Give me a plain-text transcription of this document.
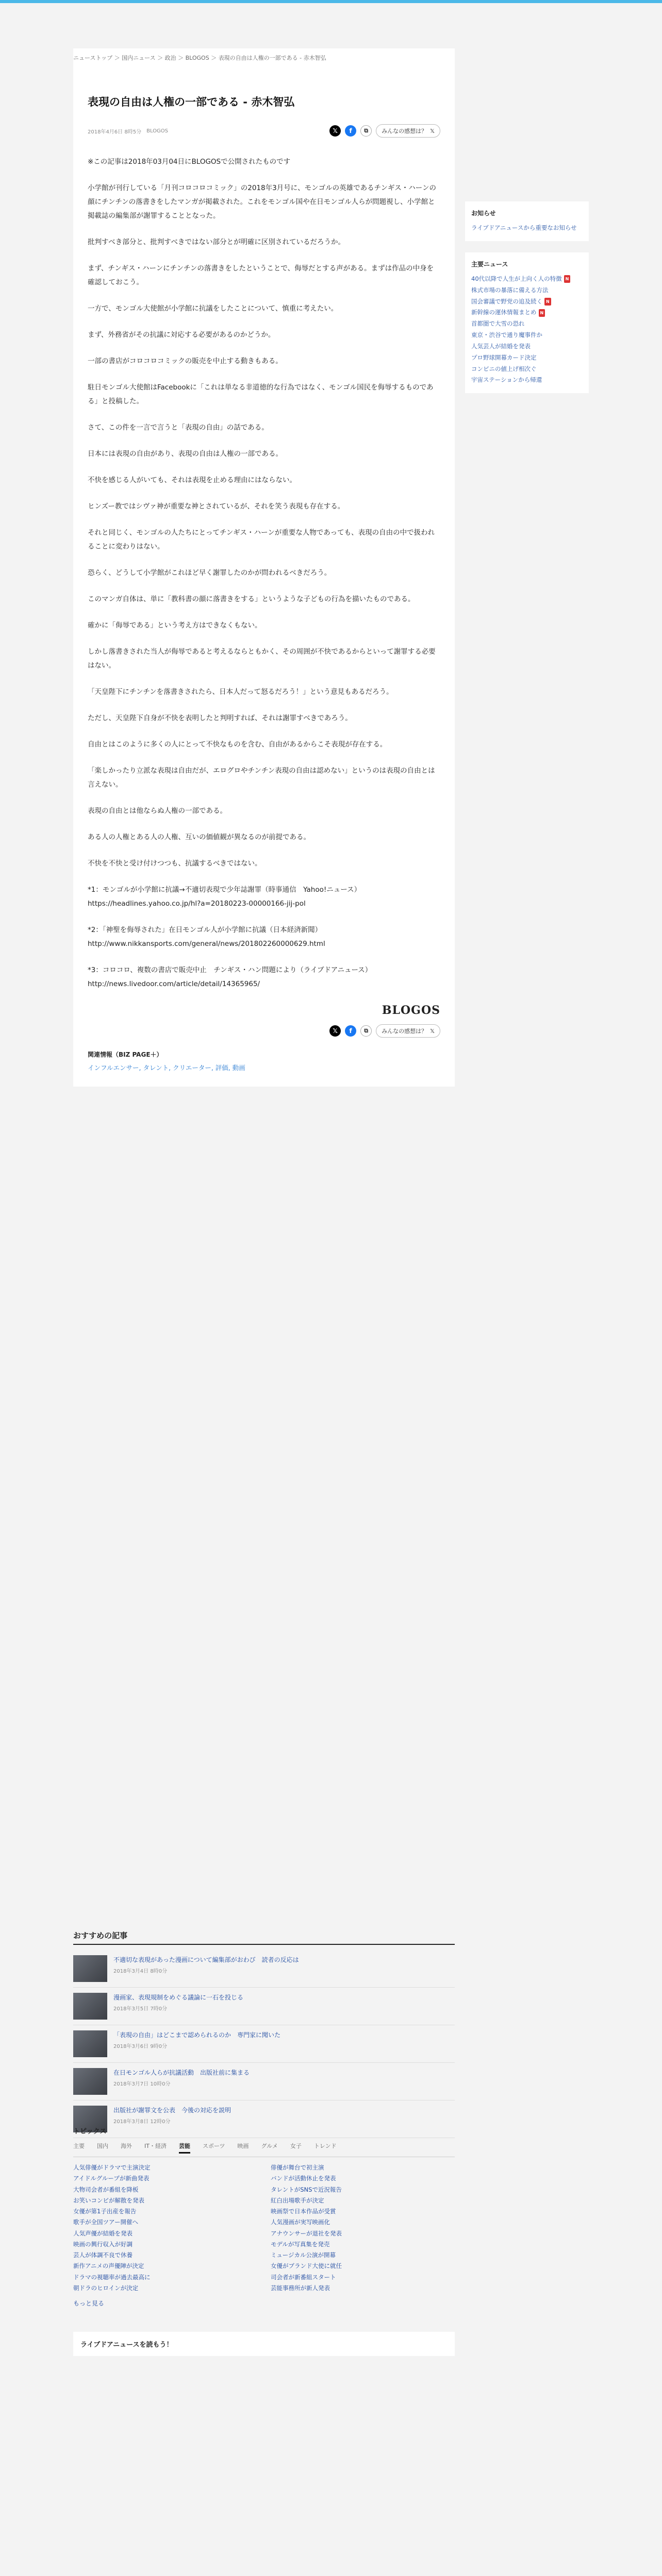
ニューストップ ＞ 国内ニュース ＞ 政治 ＞ BLOGOS ＞ 表現の自由は人権の一部である - 赤木智弘
表現の自由は人権の一部である - 赤木智弘
2018年4月6日 8時5分 BLOGOS	𝕏	f	⧉	みんなの感想は？ 𝕏

※この記事は2018年03月04日にBLOGOSで公開されたものです

小学館が刊行している「月刊コロコロコミック」の2018年3月号に、モンゴルの英雄であるチンギス・ハーンの顔にチンチンの落書きをしたマンガが掲載された。これをモンゴル国や在日モンゴル人らが問題視し、小学館と掲載誌の編集部が謝罪することとなった。

批判すべき部分と、批判すべきではない部分とが明確に区別されているだろうか。

まず、チンギス・ハーンにチンチンの落書きをしたということで、侮辱だとする声がある。まずは作品の中身を確認しておこう。

一方で、モンゴル大使館が小学館に抗議をしたことについて、慎重に考えたい。

まず、外務省がその抗議に対応する必要があるのかどうか。

一部の書店がコロコロコミックの販売を中止する動きもある。

駐日モンゴル大使館はFacebookに「これは単なる非道徳的な行為ではなく、モンゴル国民を侮辱するものである」と投稿した。

さて、この件を一言で言うと「表現の自由」の話である。

日本には表現の自由があり、表現の自由は人権の一部である。

不快を感じる人がいても、それは表現を止める理由にはならない。

ヒンズー教ではシヴァ神が重要な神とされているが、それを笑う表現も存在する。

それと同じく、モンゴルの人たちにとってチンギス・ハーンが重要な人物であっても、表現の自由の中で扱われることに変わりはない。

恐らく、どうして小学館がこれほど早く謝罪したのかが問われるべきだろう。

このマンガ自体は、単に「教科書の顔に落書きをする」というような子どもの行為を描いたものである。

確かに「侮辱である」という考え方はできなくもない。

しかし落書きされた当人が侮辱であると考えるならともかく、その周囲が不快であるからといって謝罪する必要はない。

「天皇陛下にチンチンを落書きされたら、日本人だって怒るだろう！」という意見もあるだろう。

ただし、天皇陛下自身が不快を表明したと判明すれば、それは謝罪すべきであろう。

自由とはこのように多くの人にとって不快なものを含む、自由があるからこそ表現が存在する。

「楽しかったり立派な表現は自由だが、エログロやチンチン表現の自由は認めない」というのは表現の自由とは言えない。

表現の自由とは他ならぬ人権の一部である。

ある人の人権とある人の人権、互いの価値観が異なるのが前提である。

不快を不快と受け付けつつも、抗議するべきではない。

*1：モンゴルが小学館に抗議→不適切表現で少年誌謝罪（時事通信　Yahoo!ニュース）https://headlines.yahoo.co.jp/hl?a=20180223-00000166-jij-pol

*2：「神聖を侮辱された」在日モンゴル人が小学館に抗議（日本経済新聞）http://www.nikkansports.com/general/news/201802260000629.html

*3：コロコロ、複数の書店で販売中止　チンギス・ハン問題により（ライブドアニュース）http://news.livedoor.com/article/detail/14365965/

BLOGOS
𝕏	f	⧉	みんなの感想は？ 𝕏
関連情報（BIZ PAGE＋）
インフルエンサー, タレント, クリエーター, 評価, 動画
お知らせ
ライブドアニュースから重要なお知らせ
主要ニュース
40代以降で人生が上向く人の特徴 N
株式市場の暴落に備える方法
国会審議で野党の追及続く N
新幹線の運休情報まとめ N
首都圏で大雪の恐れ
東京・渋谷で通り魔事件か
人気芸人が結婚を発表
プロ野球開幕カード決定
コンビニの値上げ相次ぐ
宇宙ステーションから帰還
おすすめの記事
不適切な表現があった漫画について編集部がおわび　読者の反応は
2018年3月4日 8時0分
漫画家、表現規制をめぐる議論に一石を投じる
2018年3月5日 7時0分
「表現の自由」はどこまで認められるのか　専門家に聞いた
2018年3月6日 9時0分
在日モンゴル人らが抗議活動　出版社前に集まる
2018年3月7日 10時0分
出版社が謝罪文を公表　今後の対応を説明
2018年3月8日 12時0分
トピックス
主要 国内 海外 IT・経済 芸能 スポーツ 映画 グルメ 女子 トレンド
人気俳優がドラマで主演決定
アイドルグループが新曲発表
大物司会者が番組を降板
お笑いコンビが解散を発表
女優が第1子出産を報告
歌手が全国ツアー開催へ
人気声優が結婚を発表
映画の興行収入が好調
芸人が体調不良で休養
新作アニメの声優陣が決定
ドラマの視聴率が過去最高に
朝ドラのヒロインが決定
俳優が舞台で初主演
バンドが活動休止を発表
タレントがSNSで近況報告
紅白出場歌手が決定
映画祭で日本作品が受賞
人気漫画が実写映画化
アナウンサーが退社を発表
モデルが写真集を発売
ミュージカル公演が開幕
女優がブランド大使に就任
司会者が新番組スタート
芸能事務所が新人発表
もっと見る
ライブドアニュースを読もう！
